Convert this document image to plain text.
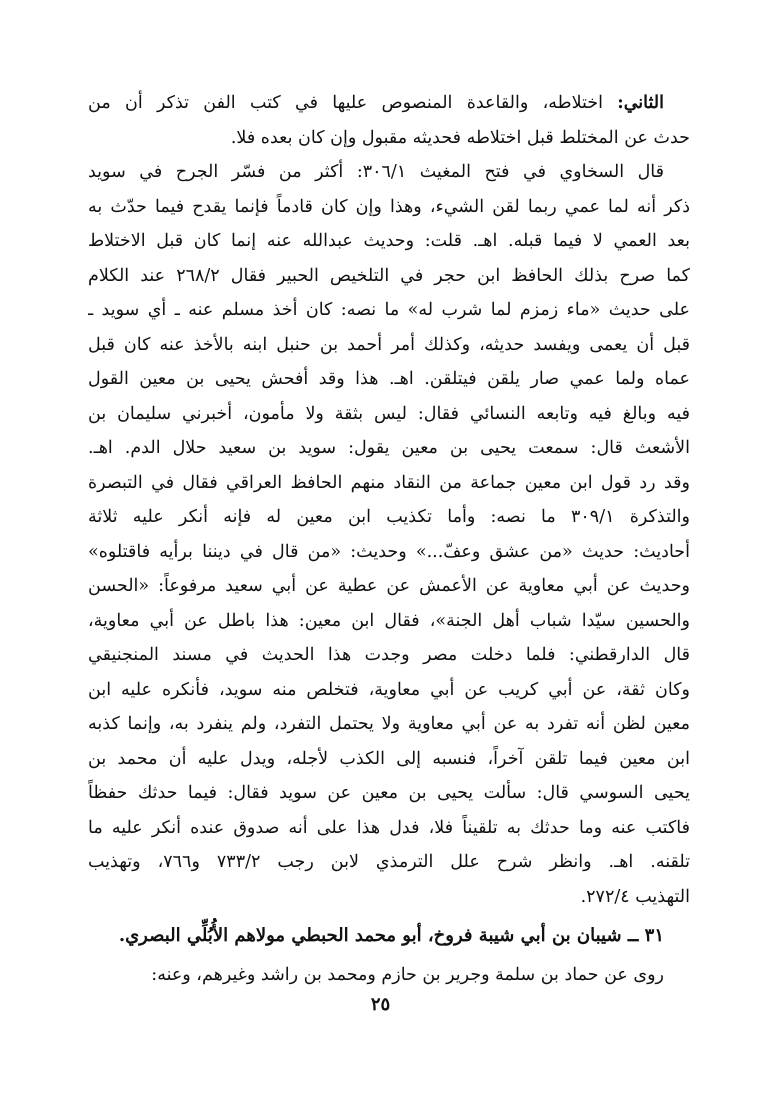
الثاني: اختلاطه، والقاعدة المنصوص عليها في كتب الفن تذكر أن من
حدث عن المختلط قبل اختلاطه فحديثه مقبول وإن كان بعده فلا.
قال السخاوي في فتح المغيث ٣٠٦/١: أكثر من فسّر الجرح في سويد
ذكر أنه لما عمي ربما لقن الشيء، وهذا وإن كان قادماً فإنما يقدح فيما حدّث به
بعد العمي لا فيما قبله. اهـ. قلت: وحديث عبدالله عنه إنما كان قبل الاختلاط
كما صرح بذلك الحافظ ابن حجر في التلخيص الحبير فقال ٢٦٨/٢ عند الكلام
على حديث «ماء زمزم لما شرب له» ما نصه: كان أخذ مسلم عنه ـ أي سويد ـ
قبل أن يعمى ويفسد حديثه، وكذلك أمر أحمد بن حنبل ابنه بالأخذ عنه كان قبل
عماه ولما عمي صار يلقن فيتلقن. اهـ. هذا وقد أفحش يحيى بن معين القول
فيه وبالغ فيه وتابعه النسائي فقال: ليس بثقة ولا مأمون، أخبرني سليمان بن
الأشعث قال: سمعت يحيى بن معين يقول: سويد بن سعيد حلال الدم. اهـ.
وقد رد قول ابن معين جماعة من النقاد منهم الحافظ العراقي فقال في التبصرة
والتذكرة ٣٠٩/١ ما نصه: وأما تكذيب ابن معين له فإنه أنكر عليه ثلاثة
أحاديث: حديث «من عشق وعفّ...» وحديث: «من قال في ديننا برأيه فاقتلوه»
وحديث عن أبي معاوية عن الأعمش عن عطية عن أبي سعيد مرفوعاً: «الحسن
والحسين سيّدا شباب أهل الجنة»، فقال ابن معين: هذا باطل عن أبي معاوية،
قال الدارقطني: فلما دخلت مصر وجدت هذا الحديث في مسند المنجنيقي
وكان ثقة، عن أبي كريب عن أبي معاوية، فتخلص منه سويد، فأنكره عليه ابن
معين لظن أنه تفرد به عن أبي معاوية ولا يحتمل التفرد، ولم ينفرد به، وإنما كذبه
ابن معين فيما تلقن آخراً، فنسبه إلى الكذب لأجله، ويدل عليه أن محمد بن
يحيى السوسي قال: سألت يحيى بن معين عن سويد فقال: فيما حدثك حفظاً
فاكتب عنه وما حدثك به تلقيناً فلا، فدل هذا على أنه صدوق عنده أنكر عليه ما
تلقنه. اهـ. وانظر شرح علل الترمذي لابن رجب ٧٣٣/٢ و٧٦٦، وتهذيب
التهذيب ٢٧٢/٤.
٣١ ــ شيبان بن أبي شيبة فروخ، أبو محمد الحبطي مولاهم الأُبُلِّي البصري.
روى عن حماد بن سلمة وجرير بن حازم ومحمد بن راشد وغيرهم، وعنه:
٢٥
